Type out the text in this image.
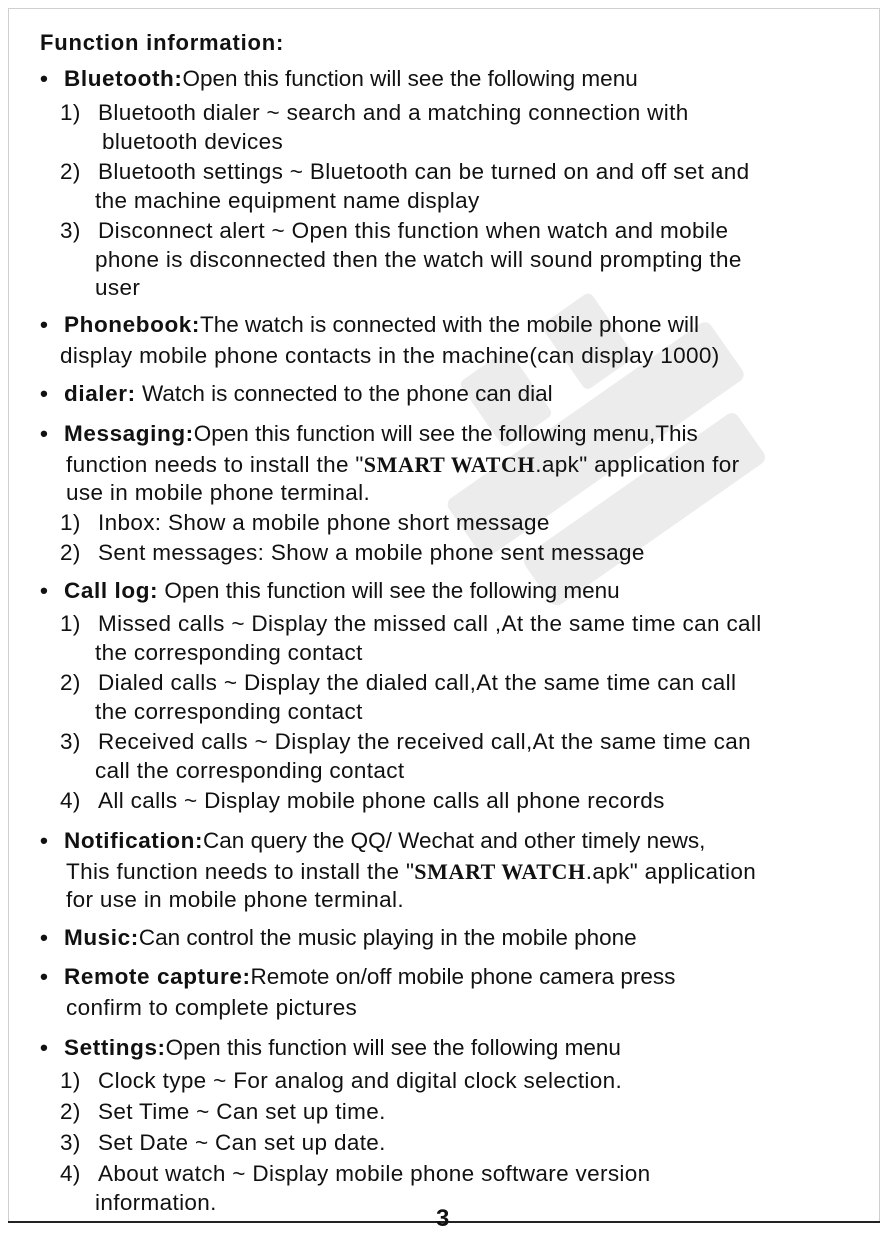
Function information:
• Bluetooth:Open this function will see the following menu
1) Bluetooth dialer ~ search and a matching connection with
bluetooth devices
2) Bluetooth settings ~ Bluetooth can be turned on and off set and
the machine equipment name display
3) Disconnect alert ~ Open this function when watch and mobile
phone is disconnected then the watch will sound prompting the
user
• Phonebook:The watch is connected with the mobile phone will
display mobile phone contacts in the machine(can display 1000)
• dialer: Watch is connected to the phone can dial
• Messaging:Open this function will see the following menu,This
function needs to install the "SMART WATCH.apk" application for
use in mobile phone terminal.
1) Inbox: Show a mobile phone short message
2) Sent messages: Show a mobile phone sent message
• Call log: Open this function will see the following menu
1) Missed calls ~ Display the missed call ,At the same time can call
the corresponding contact
2) Dialed calls ~ Display the dialed call,At the same time can call
the corresponding contact
3) Received calls ~ Display the received call,At the same time can
call the corresponding contact
4) All calls ~ Display mobile phone calls all phone records
• Notification:Can query the QQ/ Wechat and other timely news,
This function needs to install the "SMART WATCH.apk" application
for use in mobile phone terminal.
• Music:Can control the music playing in the mobile phone
• Remote capture:Remote on/off mobile phone camera press
confirm to complete pictures
• Settings:Open this function will see the following menu
1) Clock type ~ For analog and digital clock selection.
2) Set Time ~ Can set up time.
3) Set Date ~ Can set up date.
4) About watch ~ Display mobile phone software version
information.
3
